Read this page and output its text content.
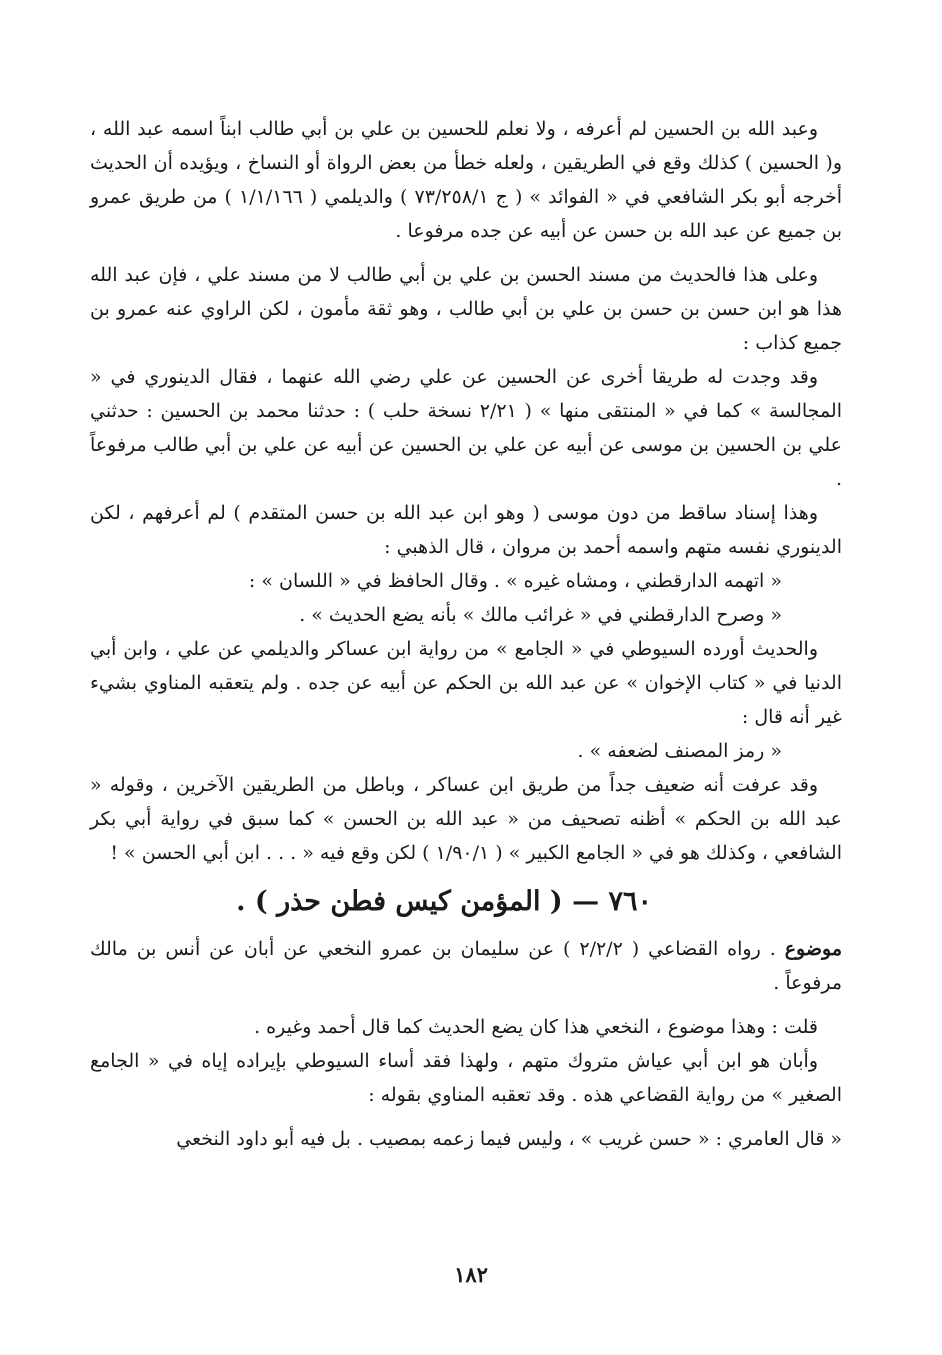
وعبد الله بن الحسين لم أعرفه ، ولا نعلم للحسين بن علي بن أبي طالب ابناً اسمه عبد الله ، و( الحسين ) كذلك وقع في الطريقين ، ولعله خطأ من بعض الرواة أو النساخ ، ويؤيده أن الحديث أخرجه أبو بكر الشافعي في « الفوائد » ( ج ٧٣/٢٥٨/١ ) والديلمي ( ١/١/١٦٦ ) من طريق عمرو بن جميع عن عبد الله بن حسن عن أبيه عن جده مرفوعا .

وعلى هذا فالحديث من مسند الحسن بن علي بن أبي طالب لا من مسند علي ، فإن عبد الله هذا هو ابن حسن بن حسن بن علي بن أبي طالب ، وهو ثقة مأمون ، لكن الراوي عنه عمرو بن جميع كذاب :

وقد وجدت له طريقا أخرى عن الحسين عن علي رضي الله عنهما ، فقال الدينوري في « المجالسة » كما في « المنتقى منها » ( ٢/٢١ نسخة حلب ) : حدثنا محمد بن الحسين : حدثني علي بن الحسين بن موسى عن أبيه عن علي بن الحسين عن أبيه عن علي بن أبي طالب مرفوعاً .

وهذا إسناد ساقط من دون موسى ( وهو ابن عبد الله بن حسن المتقدم ) لم أعرفهم ، لكن الدينوري نفسه متهم واسمه أحمد بن مروان ، قال الذهبي :

« اتهمه الدارقطني ، ومشاه غيره » . وقال الحافظ في « اللسان » :

« وصرح الدارقطني في « غرائب مالك » بأنه يضع الحديث » .

والحديث أورده السيوطي في « الجامع » من رواية ابن عساكر والديلمي عن علي ، وابن أبي الدنيا في « كتاب الإخوان » عن عبد الله بن الحكم عن أبيه عن جده . ولم يتعقبه المناوي بشيء غير أنه قال :

« رمز المصنف لضعفه » .

وقد عرفت أنه ضعيف جداً من طريق ابن عساكر ، وباطل من الطريقين الآخرين ، وقوله « عبد الله بن الحكم » أظنه تصحيف من « عبد الله بن الحسن » كما سبق في رواية أبي بكر الشافعي ، وكذلك هو في « الجامع الكبير » ( ١/٩٠/١ ) لكن وقع فيه « . . . ابن أبي الحسن » !

٧٦٠ — ( المؤمن كيس فطن حذر ) .

موضوع . رواه القضاعي ( ٢/٢/٢ ) عن سليمان بن عمرو النخعي عن أبان عن أنس بن مالك مرفوعاً .

قلت : وهذا موضوع ، النخعي هذا كان يضع الحديث كما قال أحمد وغيره .

وأبان هو ابن أبي عياش متروك متهم ، ولهذا فقد أساء السيوطي بإيراده إياه في « الجامع الصغير » من رواية القضاعي هذه . وقد تعقبه المناوي بقوله :

« قال العامري : « حسن غريب » ، وليس فيما زعمه بمصيب . بل فيه أبو داود النخعي

١٨٢
